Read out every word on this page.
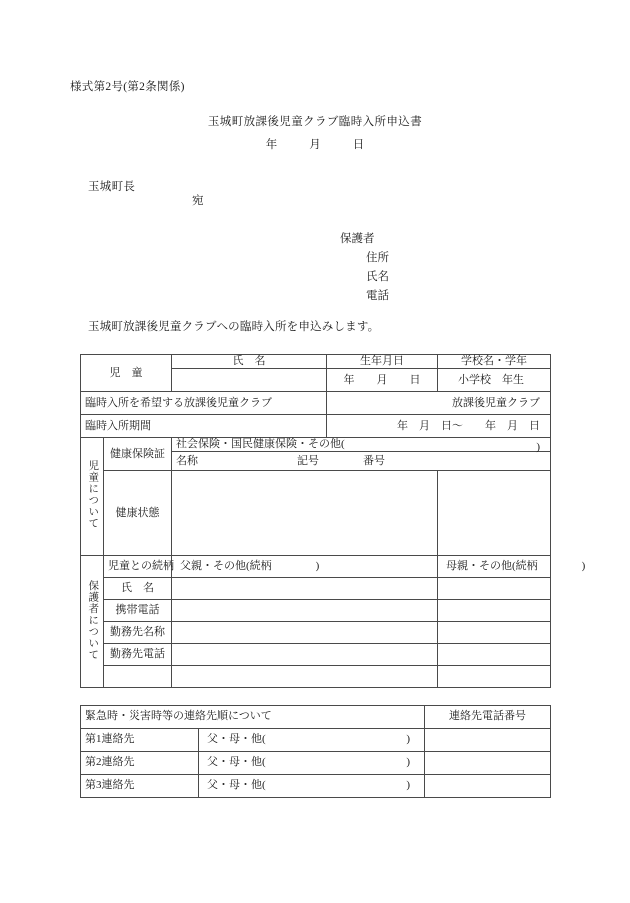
様式第2号(第2条関係)
玉城町放課後児童クラブ臨時入所申込書
年	月	日
玉城町長
宛
保護者
住所
氏名
電話
玉城町放課後児童クラブへの臨時入所を申込みします。
児　童		氏　名	生年月日	学校名・学年
			年　　月　　日	小学校　年生
臨時入所を希望する放課後児童クラブ			放課後児童クラブ	
臨時入所期間			年　月　日〜　　年　月　日	
児童について	健康保険証	社会保険・国民健康保険・その他( )		

		名称　　　　　　　　　記号　　　　番号		
	健康状態			
保護者について	児童との続柄	父親・その他(続柄　　　　)		母親・その他(続柄　　　　)
	氏　名			
	携帯電話			
	勤務先名称			
	勤務先電話			

緊急時・災害時等の連絡先順について		連絡先電話番号
第1連絡先	父・母・他( )	

第2連絡先	父・母・他( )	

第3連絡先	父・母・他( )	
